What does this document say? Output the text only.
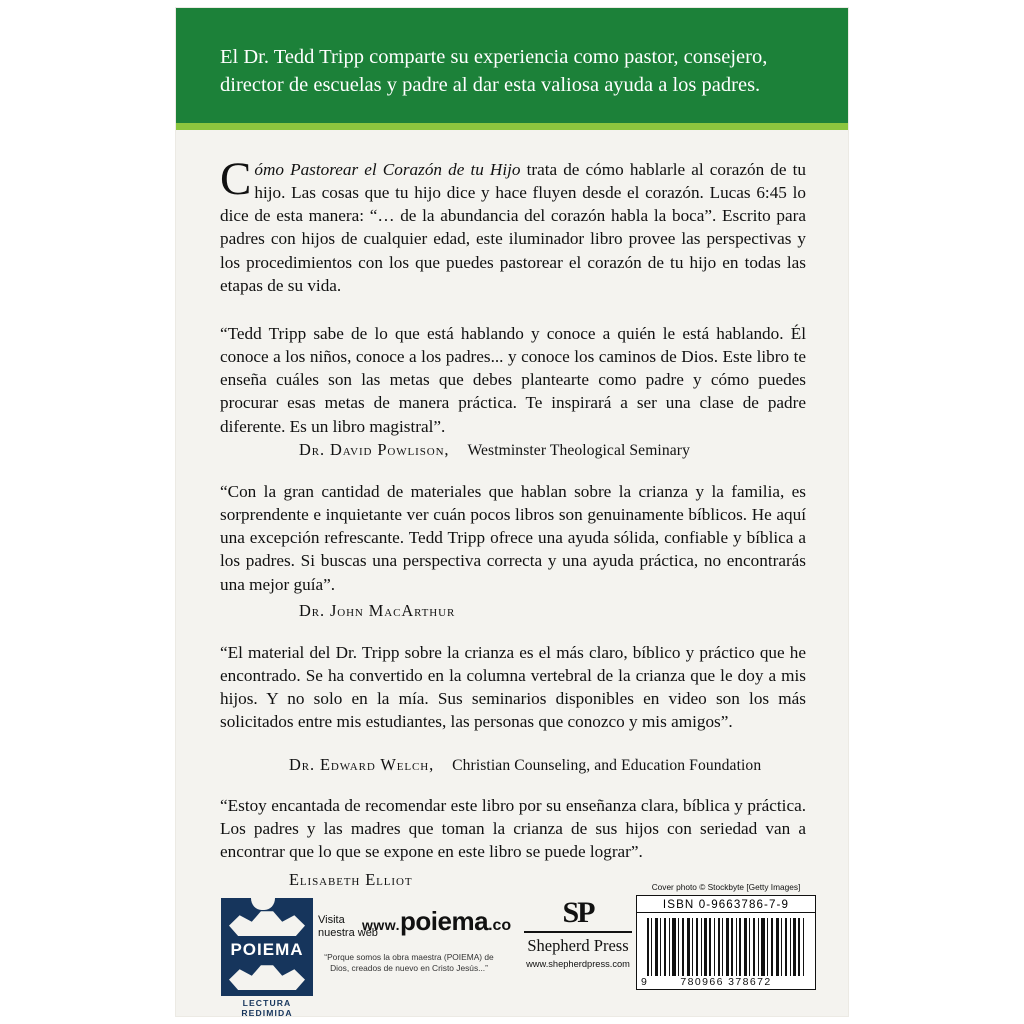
El Dr. Tedd Tripp comparte su experiencia como pastor, consejero, director de escuelas y padre al dar esta valiosa ayuda a los padres.
Cómo Pastorear el Corazón de tu Hijo trata de cómo hablarle al corazón de tu hijo. Las cosas que tu hijo dice y hace fluyen desde el corazón. Lucas 6:45 lo dice de esta manera: “… de la abundancia del corazón habla la boca”. Escrito para padres con hijos de cualquier edad, este iluminador libro provee las perspectivas y los procedimientos con los que puedes pastorear el corazón de tu hijo en todas las etapas de su vida.
“Tedd Tripp sabe de lo que está hablando y conoce a quién le está hablando. Él conoce a los niños, conoce a los padres... y conoce los caminos de Dios. Este libro te enseña cuáles son las metas que debes plantearte como padre y cómo puedes procurar esas metas de manera práctica. Te inspirará a ser una clase de padre diferente. Es un libro magistral”.
Dr. David Powlison, Westminster Theological Seminary
“Con la gran cantidad de materiales que hablan sobre la crianza y la familia, es sorprendente e inquietante ver cuán pocos libros son genuinamente bíblicos. He aquí una excepción refrescante. Tedd Tripp ofrece una ayuda sólida, confiable y bíblica a los padres. Si buscas una perspectiva correcta y una ayuda práctica, no encontrarás una mejor guía”.
Dr. John MacArthur
“El material del Dr. Tripp sobre la crianza es el más claro, bíblico y práctico que he encontrado. Se ha convertido en la columna vertebral de la crianza que le doy a mis hijos. Y no solo en la mía. Sus seminarios disponibles en video son los más solicitados entre mis estudiantes, las personas que conozco y mis amigos”.
Dr. Edward Welch, Christian Counseling, and Education Foundation
“Estoy encantada de recomendar este libro por su enseñanza clara, bíblica y práctica. Los padres y las madres que toman la crianza de sus hijos con seriedad van a encontrar que lo que se expone en este libro se puede lograr”.
Elisabeth Elliot
POIEMA
LECTURA REDIMIDA
Visita
nuestra web
www.poiema.co
“Porque somos la obra maestra (POIEMA) de Dios, creados de nuevo en Cristo Jesús...”
SP
Shepherd Press
www.shepherdpress.com
Cover photo © Stockbyte [Getty Images]
ISBN 0-9663786-7-9
9	780966 378672
